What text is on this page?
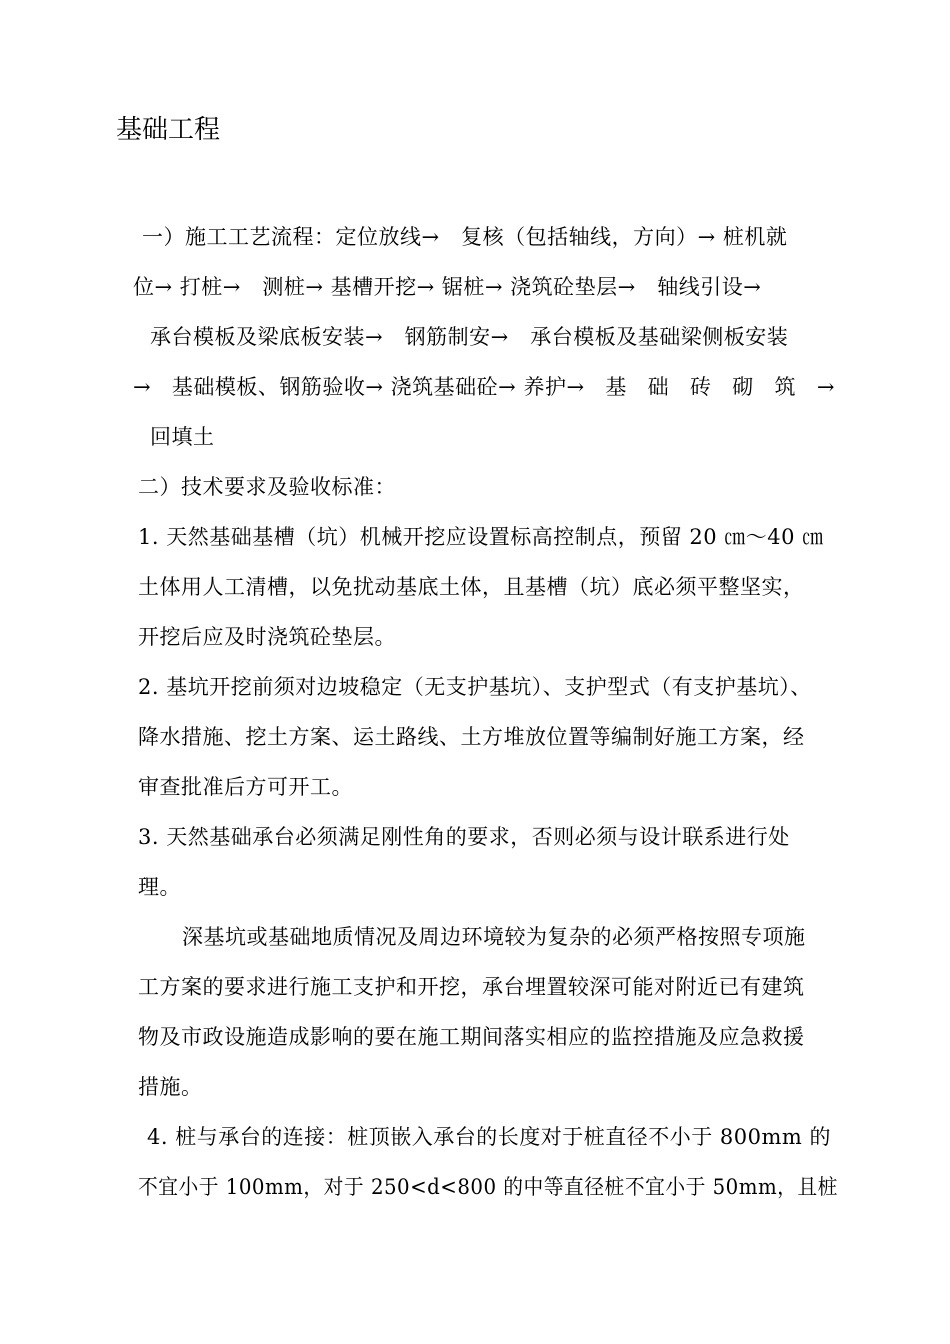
基础工程
一）施工工艺流程：定位放线→　复核（包括轴线，方向）→ 桩机就
位→ 打桩→　测桩→ 基槽开挖→ 锯桩→ 浇筑砼垫层→　轴线引设→
承台模板及梁底板安装→　钢筋制安→　承台模板及基础梁侧板安装
→ 基础模板、钢筋验收→ 浇筑基础砼→ 养护→ 基 础 砖 砌 筑 →
回填土
二）技术要求及验收标准：
1. 天然基础基槽（坑）机械开挖应设置标高控制点，预留 20 ㎝～40 ㎝
土体用人工清槽，以免扰动基底土体，且基槽（坑）底必须平整坚实，
开挖后应及时浇筑砼垫层。
2. 基坑开挖前须对边坡稳定（无支护基坑）、支护型式（有支护基坑）、
降水措施、挖土方案、运土路线、土方堆放位置等编制好施工方案，经
审查批准后方可开工。
3. 天然基础承台必须满足刚性角的要求，否则必须与设计联系进行处
理。
深基坑或基础地质情况及周边环境较为复杂的必须严格按照专项施
工方案的要求进行施工支护和开挖，承台埋置较深可能对附近已有建筑
物及市政设施造成影响的要在施工期间落实相应的监控措施及应急救援
措施。
4. 桩与承台的连接：桩顶嵌入承台的长度对于桩直径不小于 800mm 的
不宜小于 100mm，对于 250<d<800 的中等直径桩不宜小于 50mm，且桩
